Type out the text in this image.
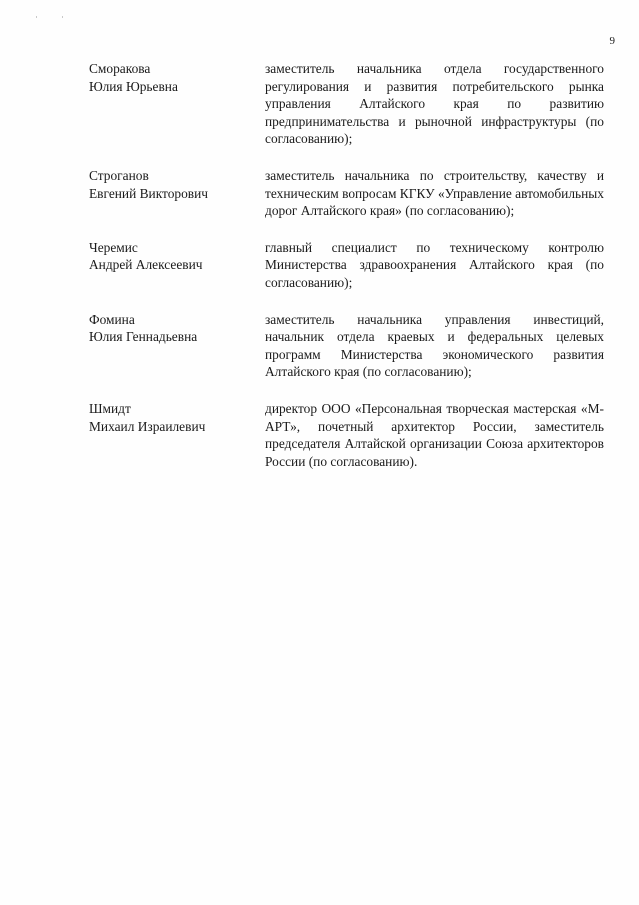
9
Сморакова
Юлия Юрьевна
заместитель начальника отдела государственного регулирования и развития потребительского рынка управления Алтайского края по развитию предпринимательства и рыночной инфраструктуры (по согласованию);
Строганов
Евгений Викторович
заместитель начальника по строительству, качеству и техническим вопросам КГКУ «Управление автомобильных дорог Алтайского края» (по согласованию);
Черемис
Андрей Алексеевич
главный специалист по техническому контролю Министерства здравоохранения Алтайского края (по согласованию);
Фомина
Юлия Геннадьевна
заместитель начальника управления инвестиций, начальник отдела краевых и федеральных целевых программ Министерства экономического развития Алтайского края (по согласованию);
Шмидт
Михаил Израилевич
директор ООО «Персональная творческая мастерская «М-АРТ», почетный архитектор России, заместитель председателя Алтайской организации Союза архитекторов России (по согласованию).
